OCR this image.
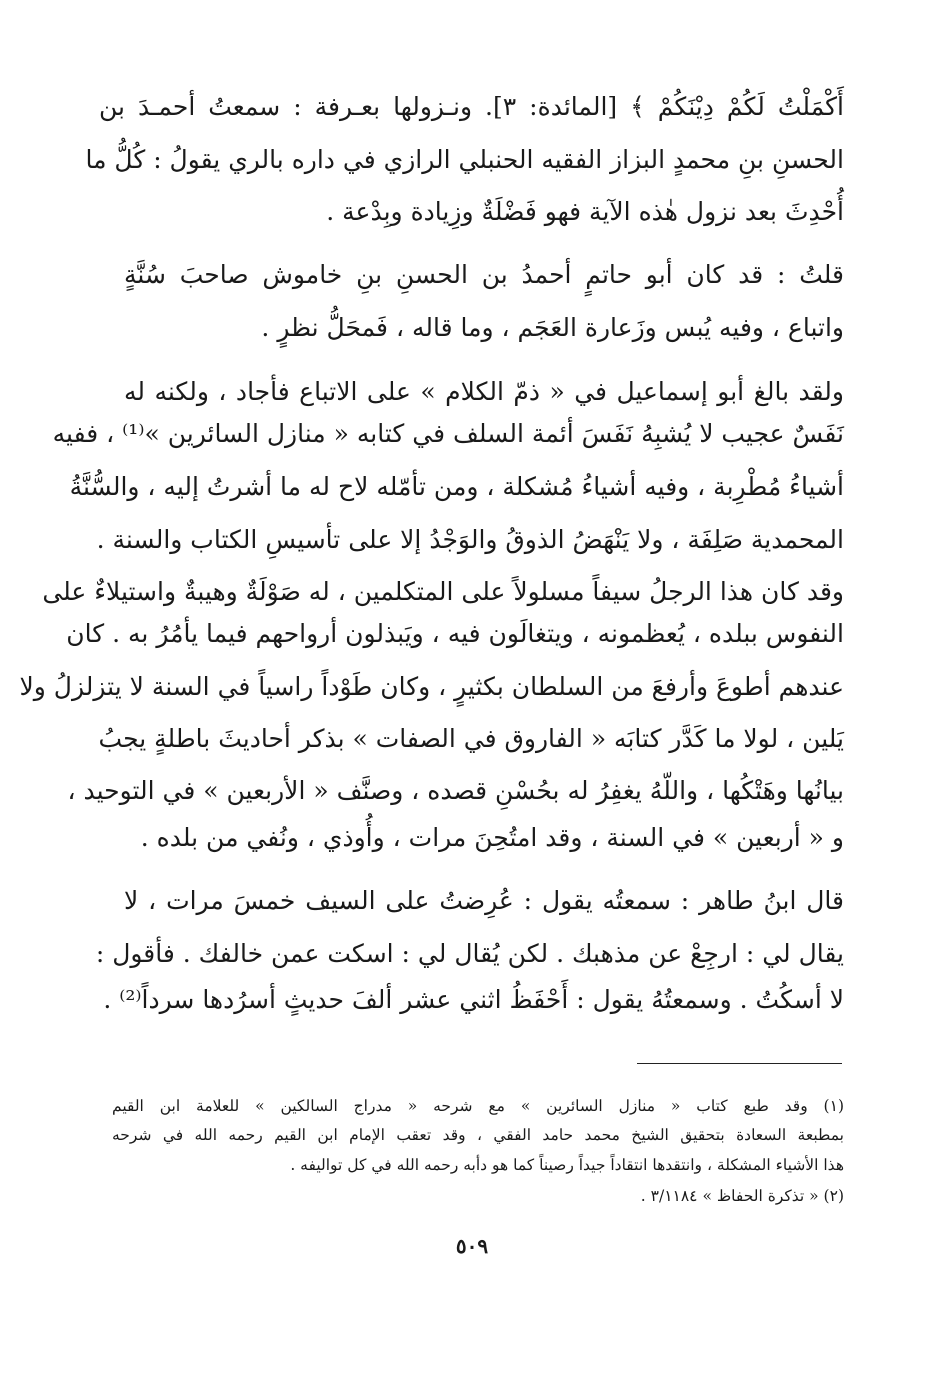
أَكْمَلْتُ لَكُمْ دِيْنَكُمْ ﴾ [المائدة: ٣]. ونـزولها بعـرفة : سمعتُ أحمـدَ بن
الحسنِ بنِ محمدٍ البزاز الفقيه الحنبلي الرازي في داره بالري يقولُ : كُلُّ ما
أُحْدِثَ بعد نزول هٰذه الآية فهو فَضْلَةٌ وزِيادة وبِدْعة .
قلتُ : قد كان أبو حاتمٍ أحمدُ بن الحسنِ بنِ خاموش صاحبَ سُنَّةٍ
واتباع ، وفيه يُبس وزَعارة العَجَم ، وما قاله ، فَمحَلُّ نظرٍ .
ولقد بالغ أبو إسماعيل في « ذمّ الكلام » على الاتباع فأجاد ، ولكنه له
نَفَسٌ عجيب لا يُشبِهُ نَفَسَ أئمة السلف في كتابه « منازل السائرين »⁽¹⁾ ، ففيه
أشياءُ مُطْرِبة ، وفيه أشياءُ مُشكلة ، ومن تأمّله لاح له ما أشرتُ إليه ، والسُّنَّةُ
المحمدية صَلِفَة ، ولا يَنْهَضُ الذوقُ والوَجْدُ إلا على تأسيسِ الكتاب والسنة .
وقد كان هذا الرجلُ سيفاً مسلولاً على المتكلمين ، له صَوْلَةٌ وهيبةٌ واستيلاءٌ على
النفوس ببلده ، يُعظمونه ، ويتغالَون فيه ، ويَبذلون أرواحهم فيما يأمُرُ به . كان
عندهم أطوعَ وأرفعَ من السلطان بكثيرٍ ، وكان طَوْداً راسياً في السنة لا يتزلزلُ ولا
يَلين ، لولا ما كَدَّر كتابَه « الفاروق في الصفات » بذكر أحاديثَ باطلةٍ يجبُ
بيانُها وهَتْكُها ، واللّهُ يغفِرُ له بحُسْنِ قصده ، وصنَّف « الأربعين » في التوحيد ،
و « أربعين » في السنة ، وقد امتُحِنَ مرات ، وأُوذي ، ونُفي من بلده .
قال ابنُ طاهر : سمعتُه يقول : عُرِضتُ على السيف خمسَ مرات ، لا
يقال لي : ارجِعْ عن مذهبك . لكن يُقال لي : اسكت عمن خالفك . فأقول :
لا أسكُتُ . وسمعتُهُ يقول : أَحْفَظُ اثني عشر ألفَ حديثٍ أسرُدها سرداً⁽²⁾ .
(١) وقد طبع كتاب « منازل السائرين » مع شرحه « مدراج السالكين » للعلامة ابن القيم
بمطبعة السعادة بتحقيق الشيخ محمد حامد الفقي ، وقد تعقب الإمام ابن القيم رحمه الله في شرحه
هذا الأشياء المشكلة ، وانتقدها انتقاداً جيداً رصيناً كما هو دأبه رحمه الله في كل تواليفه .
(٢) « تذكرة الحفاظ » ٣/١١٨٤ .
٥٠٩
